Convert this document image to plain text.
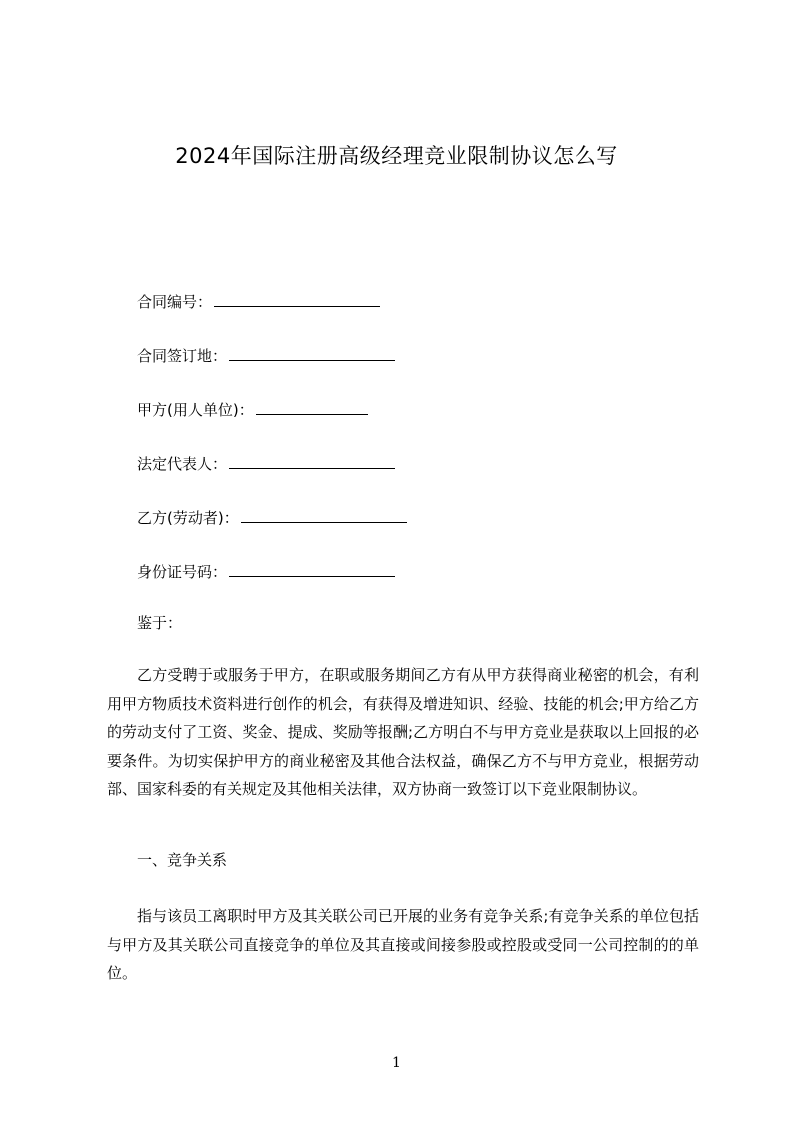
2024年国际注册高级经理竞业限制协议怎么写
合同编号：
合同签订地：
甲方(用人单位)：
法定代表人：
乙方(劳动者)：
身份证号码：
鉴于：
乙方受聘于或服务于甲方，在职或服务期间乙方有从甲方获得商业秘密的机会，有利用甲方物质技术资料进行创作的机会，有获得及增进知识、经验、技能的机会;甲方给乙方的劳动支付了工资、奖金、提成、奖励等报酬;乙方明白不与甲方竞业是获取以上回报的必要条件。为切实保护甲方的商业秘密及其他合法权益，确保乙方不与甲方竞业，根据劳动部、国家科委的有关规定及其他相关法律，双方协商一致签订以下竞业限制协议。
一、竞争关系
指与该员工离职时甲方及其关联公司已开展的业务有竞争关系;有竞争关系的单位包括与甲方及其关联公司直接竞争的单位及其直接或间接参股或控股或受同一公司控制的的单位。
1
